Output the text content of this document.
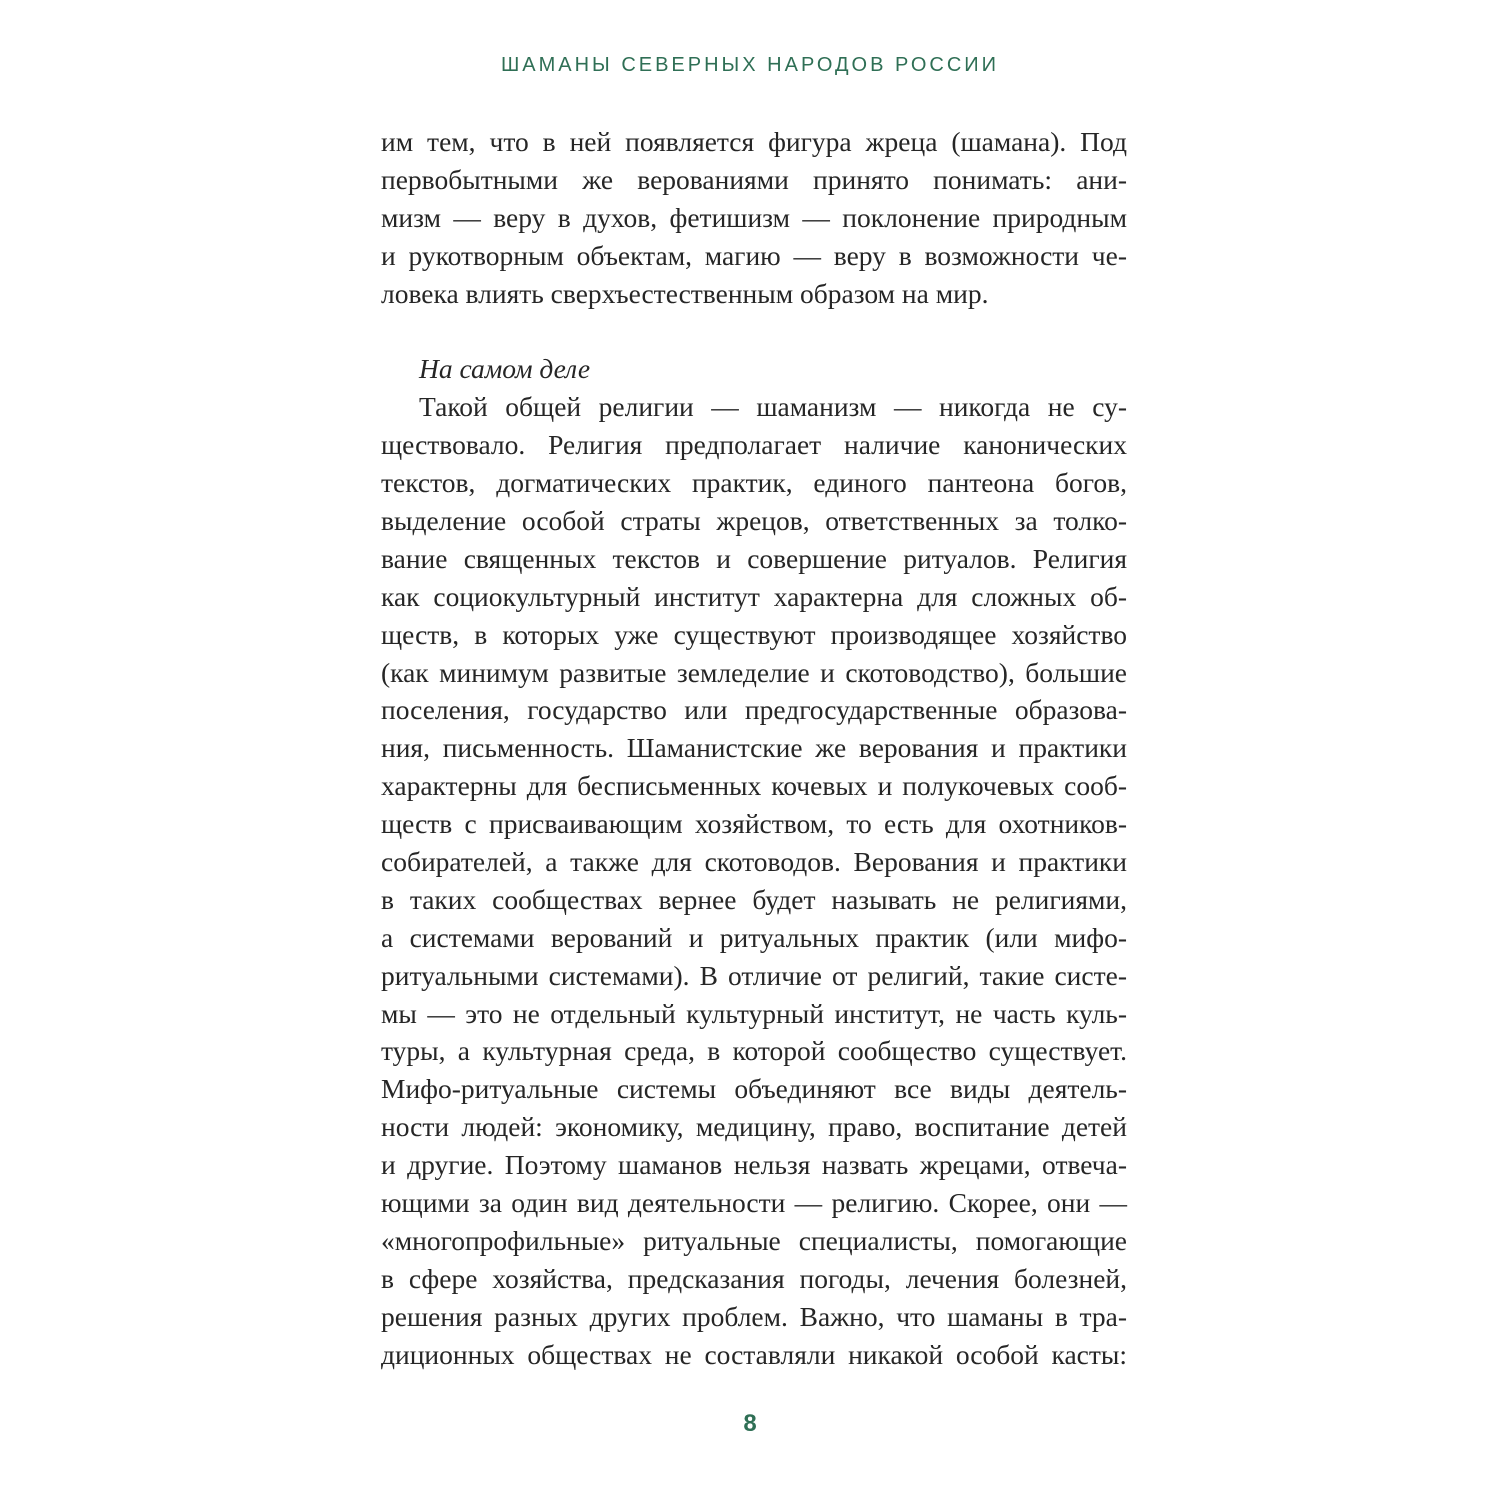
ШАМАНЫ СЕВЕРНЫХ НАРОДОВ РОССИИ
им тем, что в ней появляется фигура жреца (шамана). Под
первобытными же верованиями принято понимать: ани-
мизм — веру в духов, фетишизм — поклонение природным
и рукотворным объектам, магию — веру в возможности че-
ловека влиять сверхъестественным образом на мир.
На самом деле
Такой общей религии — шаманизм — никогда не су-
ществовало. Религия предполагает наличие канонических
текстов, догматических практик, единого пантеона богов,
выделение особой страты жрецов, ответственных за толко-
вание священных текстов и совершение ритуалов. Религия
как социокультурный институт характерна для сложных об-
ществ, в которых уже существуют производящее хозяйство
(как минимум развитые земледелие и скотоводство), большие
поселения, государство или предгосударственные образова-
ния, письменность. Шаманистские же верования и практики
характерны для бесписьменных кочевых и полукочевых сооб-
ществ с присваивающим хозяйством, то есть для охотников-
собирателей, а также для скотоводов. Верования и практики
в таких сообществах вернее будет называть не религиями,
а системами верований и ритуальных практик (или мифо-
ритуальными системами). В отличие от религий, такие систе-
мы — это не отдельный культурный институт, не часть куль-
туры, а культурная среда, в которой сообщество существует.
Мифо-ритуальные системы объединяют все виды деятель-
ности людей: экономику, медицину, право, воспитание детей
и другие. Поэтому шаманов нельзя назвать жрецами, отвеча-
ющими за один вид деятельности — религию. Скорее, они —
«многопрофильные» ритуальные специалисты, помогающие
в сфере хозяйства, предсказания погоды, лечения болезней,
решения разных других проблем. Важно, что шаманы в тра-
диционных обществах не составляли никакой особой касты:
8
